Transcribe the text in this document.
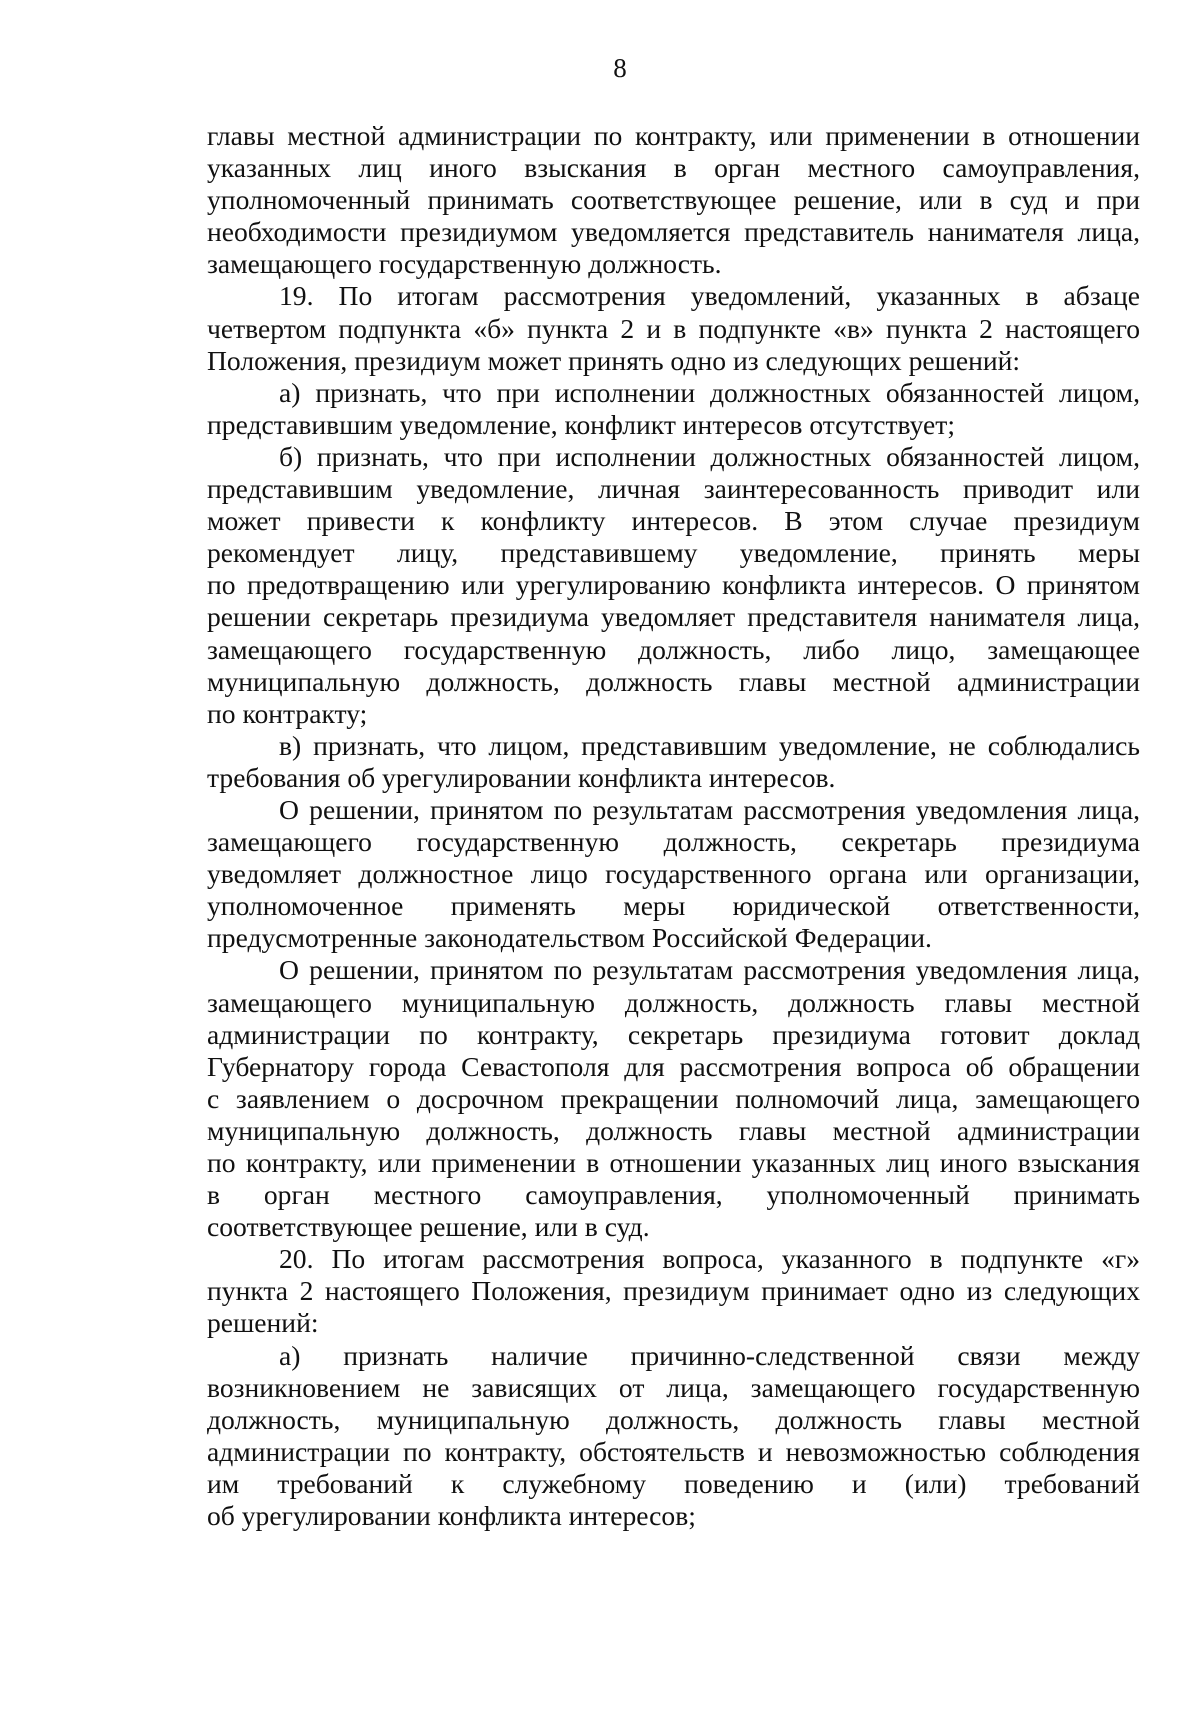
8
главы местной администрации по контракту, или применении в отношении
указанных лиц иного взыскания в орган местного самоуправления,
уполномоченный принимать соответствующее решение, или в суд и при
необходимости президиумом уведомляется представитель нанимателя лица,
замещающего государственную должность.
19. По итогам рассмотрения уведомлений, указанных в абзаце
четвертом подпункта «б» пункта 2 и в подпункте «в» пункта 2 настоящего
Положения, президиум может принять одно из следующих решений:
а) признать, что при исполнении должностных обязанностей лицом,
представившим уведомление, конфликт интересов отсутствует;
б) признать, что при исполнении должностных обязанностей лицом,
представившим уведомление, личная заинтересованность приводит или
может привести к конфликту интересов. В этом случае президиум
рекомендует лицу, представившему уведомление, принять меры
по предотвращению или урегулированию конфликта интересов. О принятом
решении секретарь президиума уведомляет представителя нанимателя лица,
замещающего государственную должность, либо лицо, замещающее
муниципальную должность, должность главы местной администрации
по контракту;
в) признать, что лицом, представившим уведомление, не соблюдались
требования об урегулировании конфликта интересов.
О решении, принятом по результатам рассмотрения уведомления лица,
замещающего государственную должность, секретарь президиума
уведомляет должностное лицо государственного органа или организации,
уполномоченное применять меры юридической ответственности,
предусмотренные законодательством Российской Федерации.
О решении, принятом по результатам рассмотрения уведомления лица,
замещающего муниципальную должность, должность главы местной
администрации по контракту, секретарь президиума готовит доклад
Губернатору города Севастополя для рассмотрения вопроса об обращении
с заявлением о досрочном прекращении полномочий лица, замещающего
муниципальную должность, должность главы местной администрации
по контракту, или применении в отношении указанных лиц иного взыскания
в орган местного самоуправления, уполномоченный принимать
соответствующее решение, или в суд.
20. По итогам рассмотрения вопроса, указанного в подпункте «г»
пункта 2 настоящего Положения, президиум принимает одно из следующих
решений:
а) признать наличие причинно-следственной связи между
возникновением не зависящих от лица, замещающего государственную
должность, муниципальную должность, должность главы местной
администрации по контракту, обстоятельств и невозможностью соблюдения
им требований к служебному поведению и (или) требований
об урегулировании конфликта интересов;
